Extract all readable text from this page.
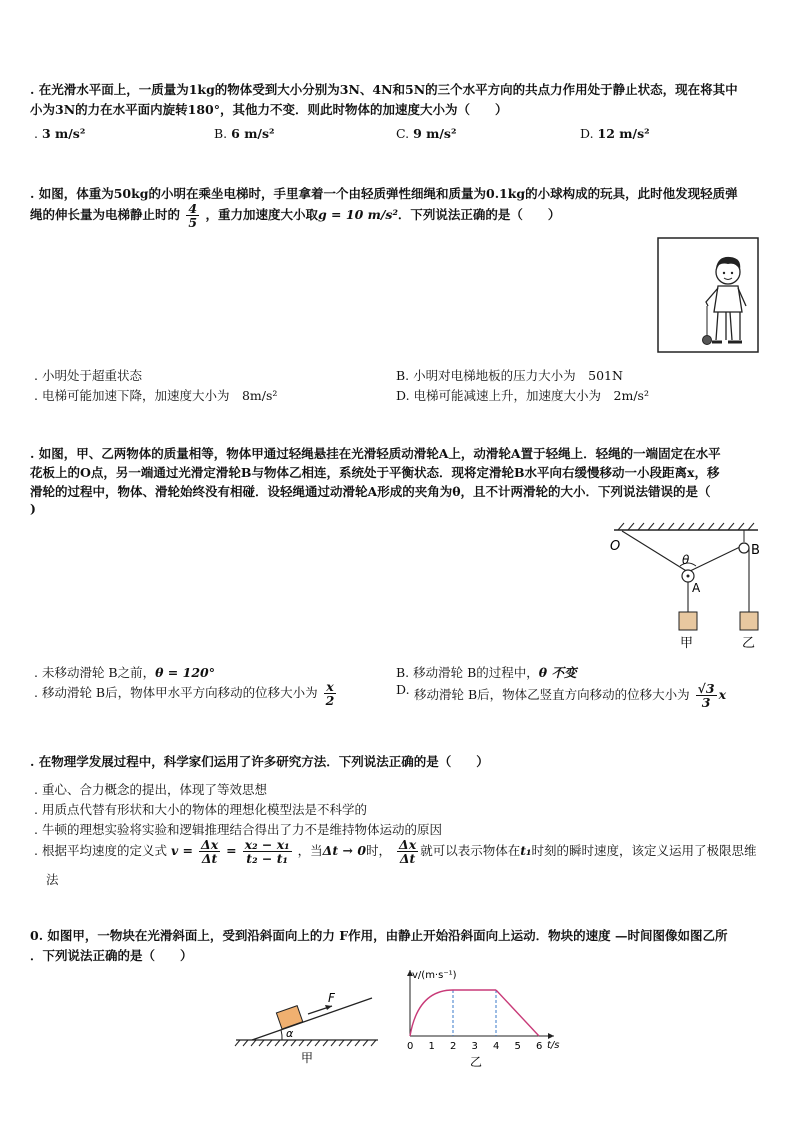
. 在光滑水平面上，一质量为1kg的物体受到大小分别为3N、4N和5N的三个水平方向的共点力作用处于静止状态，现在将其中
小为3N的力在水平面内旋转180°，其他力不变．则此时物体的加速度大小为（　　）
. 3 m/s²	B. 6 m/s²	C. 9 m/s²	D. 12 m/s²
. 如图，体重为50kg的小明在乘坐电梯时，手里拿着一个由轻质弹性细绳和质量为0.1kg的小球构成的玩具，此时他发现轻质弹
绳的伸长量为电梯静止时的 $\frac{4}{5}$ ，重力加速度大小取g = 10 m/s²．下列说法正确的是（　　）
. 小明处于超重状态	B. 小明对电梯地板的压力大小为　501N
. 电梯可能加速下降，加速度大小为　8m/s²	D. 电梯可能减速上升，加速度大小为　2m/s²
. 如图，甲、乙两物体的质量相等，物体甲通过轻绳悬挂在光滑轻质动滑轮A上，动滑轮A置于轻绳上．轻绳的一端固定在水平
花板上的O点，另一端通过光滑定滑轮B与物体乙相连，系统处于平衡状态．现将定滑轮B水平向右缓慢移动一小段距离x，移
滑轮的过程中，物体、滑轮始终没有相碰．设轻绳通过动滑轮A形成的夹角为θ，且不计两滑轮的大小．下列说法错误的是（
)
O	B
θ
A
甲	乙
. 未移动滑轮 B之前，θ = 120°	B. 移动滑轮 B的过程中，θ 不变
. 移动滑轮 B后，物体甲水平方向移动的位移大小为 $\frac{x}{2}$	D. 移动滑轮 B后，物体乙竖直方向移动的位移大小为 $\frac{√3}{3}$ x
. 在物理学发展过程中，科学家们运用了许多研究方法．下列说法正确的是（　　）
. 重心、合力概念的提出，体现了等效思想
. 用质点代替有形状和大小的物体的理想化模型法是不科学的
. 牛顿的理想实验将实验和逻辑推理结合得出了力不是维持物体运动的原因
. 根据平均速度的定义式 $v = \frac{\Delta x}{\Delta t} = \frac{\text{x₂ − x₁}}{\text{t₂ − t₁}}$ ，当Δt → 0时， $\frac{\Delta x}{\Delta t}$ 就可以表示物体在t₁时刻的瞬时速度，该定义运用了极限思维
法
0. 如图甲，一物块在光滑斜面上，受到沿斜面向上的力 F作用，由静止开始沿斜面向上运动．物块的速度 —时间图像如图乙所
．下列说法正确的是（　　）
F
α
甲
0 1 2 3 4 5 6
v/(m·s⁻¹)
t/s
乙
